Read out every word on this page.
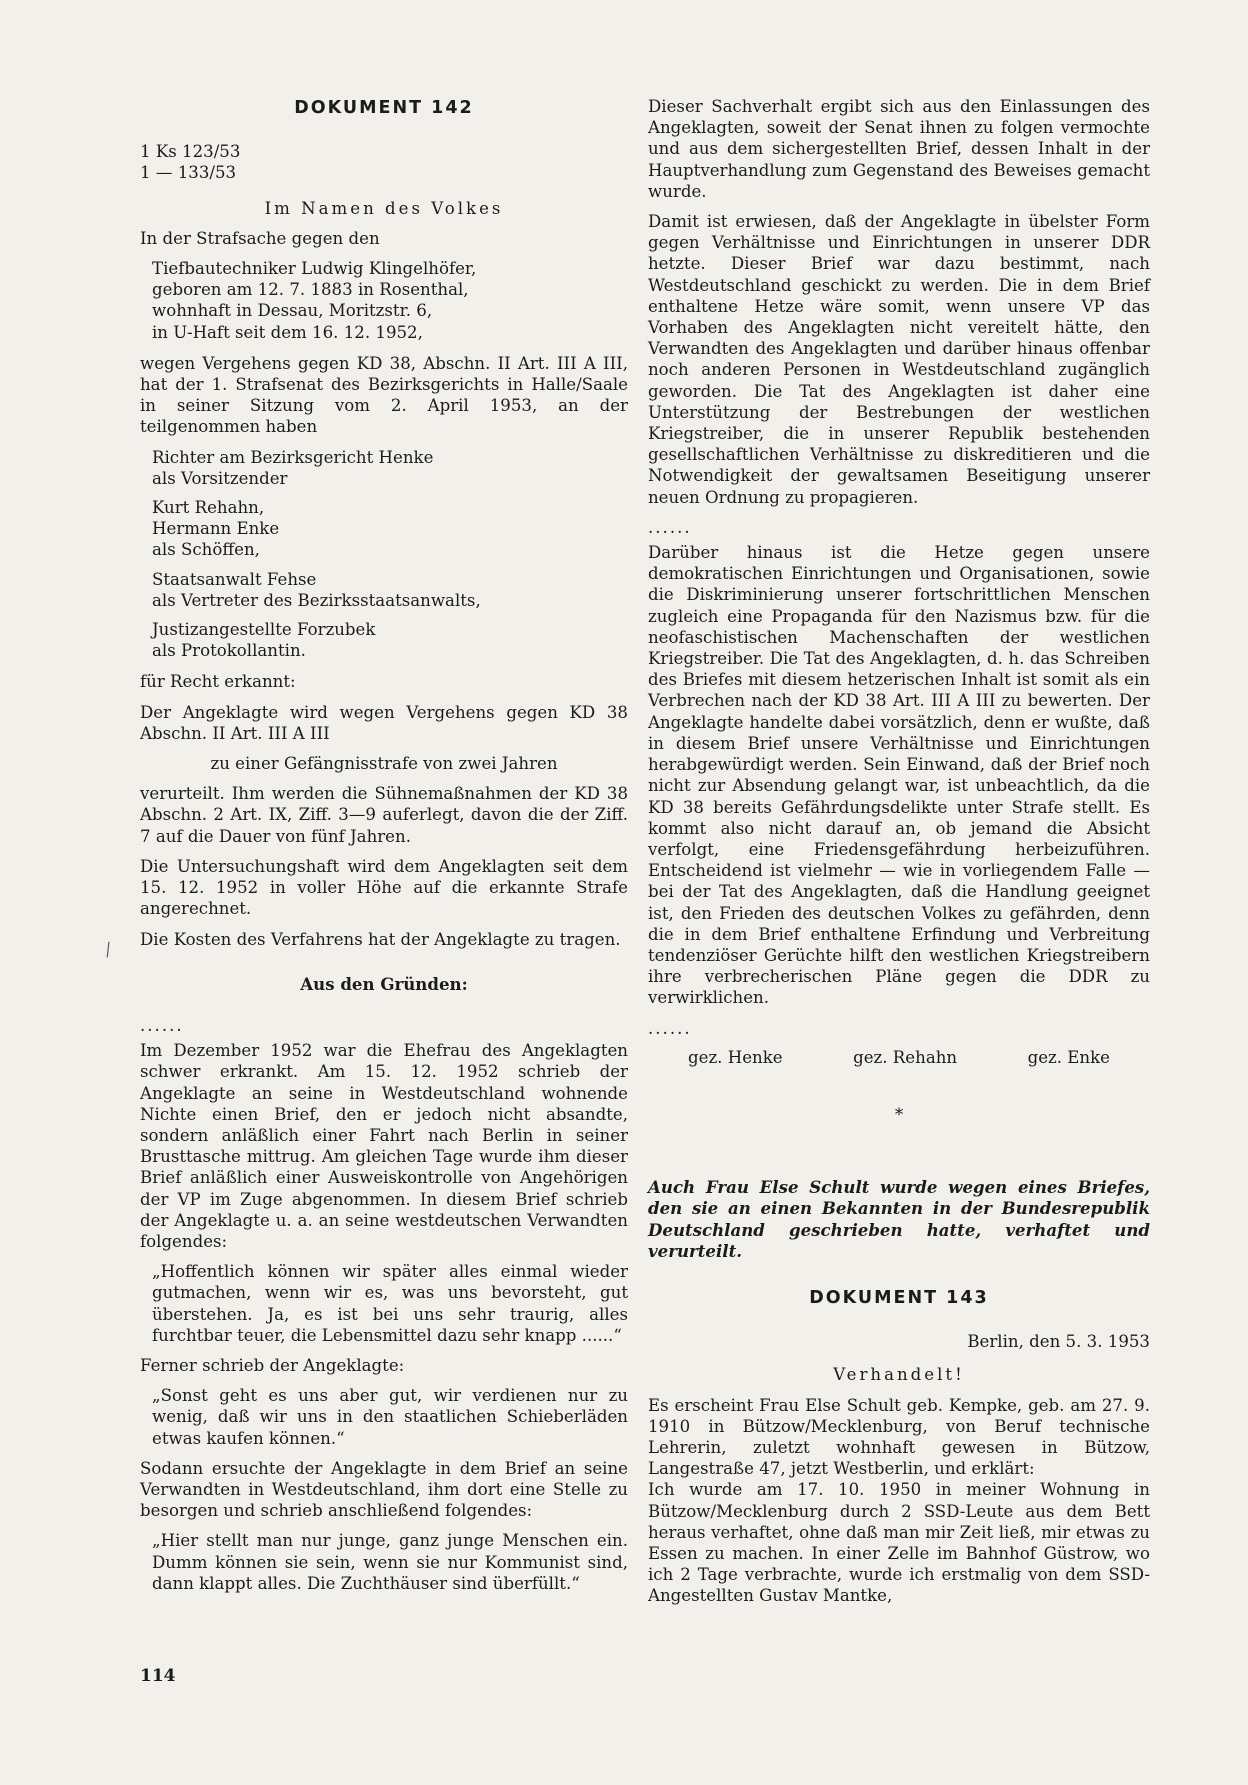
DOKUMENT 142

1 Ks 123/53

1 — 133/53

Im Namen des Volkes

In der Strafsache gegen den

Tiefbautechniker Ludwig Klingelhöfer,

geboren am 12. 7. 1883 in Rosenthal,

wohnhaft in Dessau, Moritzstr. 6,

in U-Haft seit dem 16. 12. 1952,

wegen Vergehens gegen KD 38, Abschn. II Art. III A III, hat der 1. Strafsenat des Bezirksgerichts in Halle/Saale in seiner Sitzung vom 2. April 1953, an der teilgenommen haben

Richter am Bezirksgericht Henke

als Vorsitzender

Kurt Rehahn,

Hermann Enke

als Schöffen,

Staatsanwalt Fehse

als Vertreter des Bezirksstaatsanwalts,

Justizangestellte Forzubek

als Protokollantin.

für Recht erkannt:

Der Angeklagte wird wegen Vergehens gegen KD 38 Abschn. II Art. III A III

zu einer Gefängnisstrafe von zwei Jahren

verurteilt. Ihm werden die Sühnemaßnahmen der KD 38 Abschn. 2 Art. IX, Ziff. 3—9 auferlegt, davon die der Ziff. 7 auf die Dauer von fünf Jahren.

Die Untersuchungshaft wird dem Angeklagten seit dem 15. 12. 1952 in voller Höhe auf die erkannte Strafe angerechnet.

Die Kosten des Verfahrens hat der Angeklagte zu tragen.

Aus den Gründen:

......

Im Dezember 1952 war die Ehefrau des Angeklagten schwer erkrankt. Am 15. 12. 1952 schrieb der Angeklagte an seine in Westdeutschland wohnende Nichte einen Brief, den er jedoch nicht absandte, sondern anläßlich einer Fahrt nach Berlin in seiner Brusttasche mittrug. Am gleichen Tage wurde ihm dieser Brief anläßlich einer Ausweiskontrolle von Angehörigen der VP im Zuge abgenommen. In diesem Brief schrieb der Angeklagte u. a. an seine westdeutschen Verwandten folgendes:

„Hoffentlich können wir später alles einmal wieder gutmachen, wenn wir es, was uns bevorsteht, gut überstehen. Ja, es ist bei uns sehr traurig, alles furchtbar teuer, die Lebensmittel dazu sehr knapp ......“

Ferner schrieb der Angeklagte:

„Sonst geht es uns aber gut, wir verdienen nur zu wenig, daß wir uns in den staatlichen Schieberläden etwas kaufen können.“

Sodann ersuchte der Angeklagte in dem Brief an seine Verwandten in Westdeutschland, ihm dort eine Stelle zu besorgen und schrieb anschließend folgendes:

„Hier stellt man nur junge, ganz junge Menschen ein. Dumm können sie sein, wenn sie nur Kommunist sind, dann klappt alles. Die Zuchthäuser sind überfüllt.“

Dieser Sachverhalt ergibt sich aus den Einlassungen des Angeklagten, soweit der Senat ihnen zu folgen vermochte und aus dem sichergestellten Brief, dessen Inhalt in der Hauptverhandlung zum Gegenstand des Beweises gemacht wurde.

Damit ist erwiesen, daß der Angeklagte in übelster Form gegen Verhältnisse und Einrichtungen in unserer DDR hetzte. Dieser Brief war dazu bestimmt, nach Westdeutschland geschickt zu werden. Die in dem Brief enthaltene Hetze wäre somit, wenn unsere VP das Vorhaben des Angeklagten nicht vereitelt hätte, den Verwandten des Angeklagten und darüber hinaus offenbar noch anderen Personen in Westdeutschland zugänglich geworden. Die Tat des Angeklagten ist daher eine Unterstützung der Bestrebungen der westlichen Kriegstreiber, die in unserer Republik bestehenden gesellschaftlichen Verhältnisse zu diskreditieren und die Notwendigkeit der gewaltsamen Beseitigung unserer neuen Ordnung zu propagieren.

......

Darüber hinaus ist die Hetze gegen unsere demokratischen Einrichtungen und Organisationen, sowie die Diskriminierung unserer fortschrittlichen Menschen zugleich eine Propaganda für den Nazismus bzw. für die neofaschistischen Machenschaften der westlichen Kriegstreiber. Die Tat des Angeklagten, d. h. das Schreiben des Briefes mit diesem hetzerischen Inhalt ist somit als ein Verbrechen nach der KD 38 Art. III A III zu bewerten. Der Angeklagte handelte dabei vorsätzlich, denn er wußte, daß in diesem Brief unsere Verhältnisse und Einrichtungen herabgewürdigt werden. Sein Einwand, daß der Brief noch nicht zur Absendung gelangt war, ist unbeachtlich, da die KD 38 bereits Gefährdungsdelikte unter Strafe stellt. Es kommt also nicht darauf an, ob jemand die Absicht verfolgt, eine Friedensgefährdung herbeizuführen. Entscheidend ist vielmehr — wie in vorliegendem Falle — bei der Tat des Angeklagten, daß die Handlung geeignet ist, den Frieden des deutschen Volkes zu gefährden, denn die in dem Brief enthaltene Erfindung und Verbreitung tendenziöser Gerüchte hilft den westlichen Kriegstreibern ihre verbrecherischen Pläne gegen die DDR zu verwirklichen.

......

gez. Henke	gez. Rehahn	gez. Enke

*

Auch Frau Else Schult wurde wegen eines Briefes, den sie an einen Bekannten in der Bundesrepublik Deutschland geschrieben hatte, verhaftet und verurteilt.

DOKUMENT 143

Berlin, den 5. 3. 1953

Verhandelt!

Es erscheint Frau Else Schult geb. Kempke, geb. am 27. 9. 1910 in Bützow/Mecklenburg, von Beruf technische Lehrerin, zuletzt wohnhaft gewesen in Bützow, Langestraße 47, jetzt Westberlin, und erklärt:

Ich wurde am 17. 10. 1950 in meiner Wohnung in Bützow/Mecklenburg durch 2 SSD-Leute aus dem Bett heraus verhaftet, ohne daß man mir Zeit ließ, mir etwas zu Essen zu machen. In einer Zelle im Bahnhof Güstrow, wo ich 2 Tage verbrachte, wurde ich erstmalig von dem SSD-Angestellten Gustav Mantke,

⁄
114
